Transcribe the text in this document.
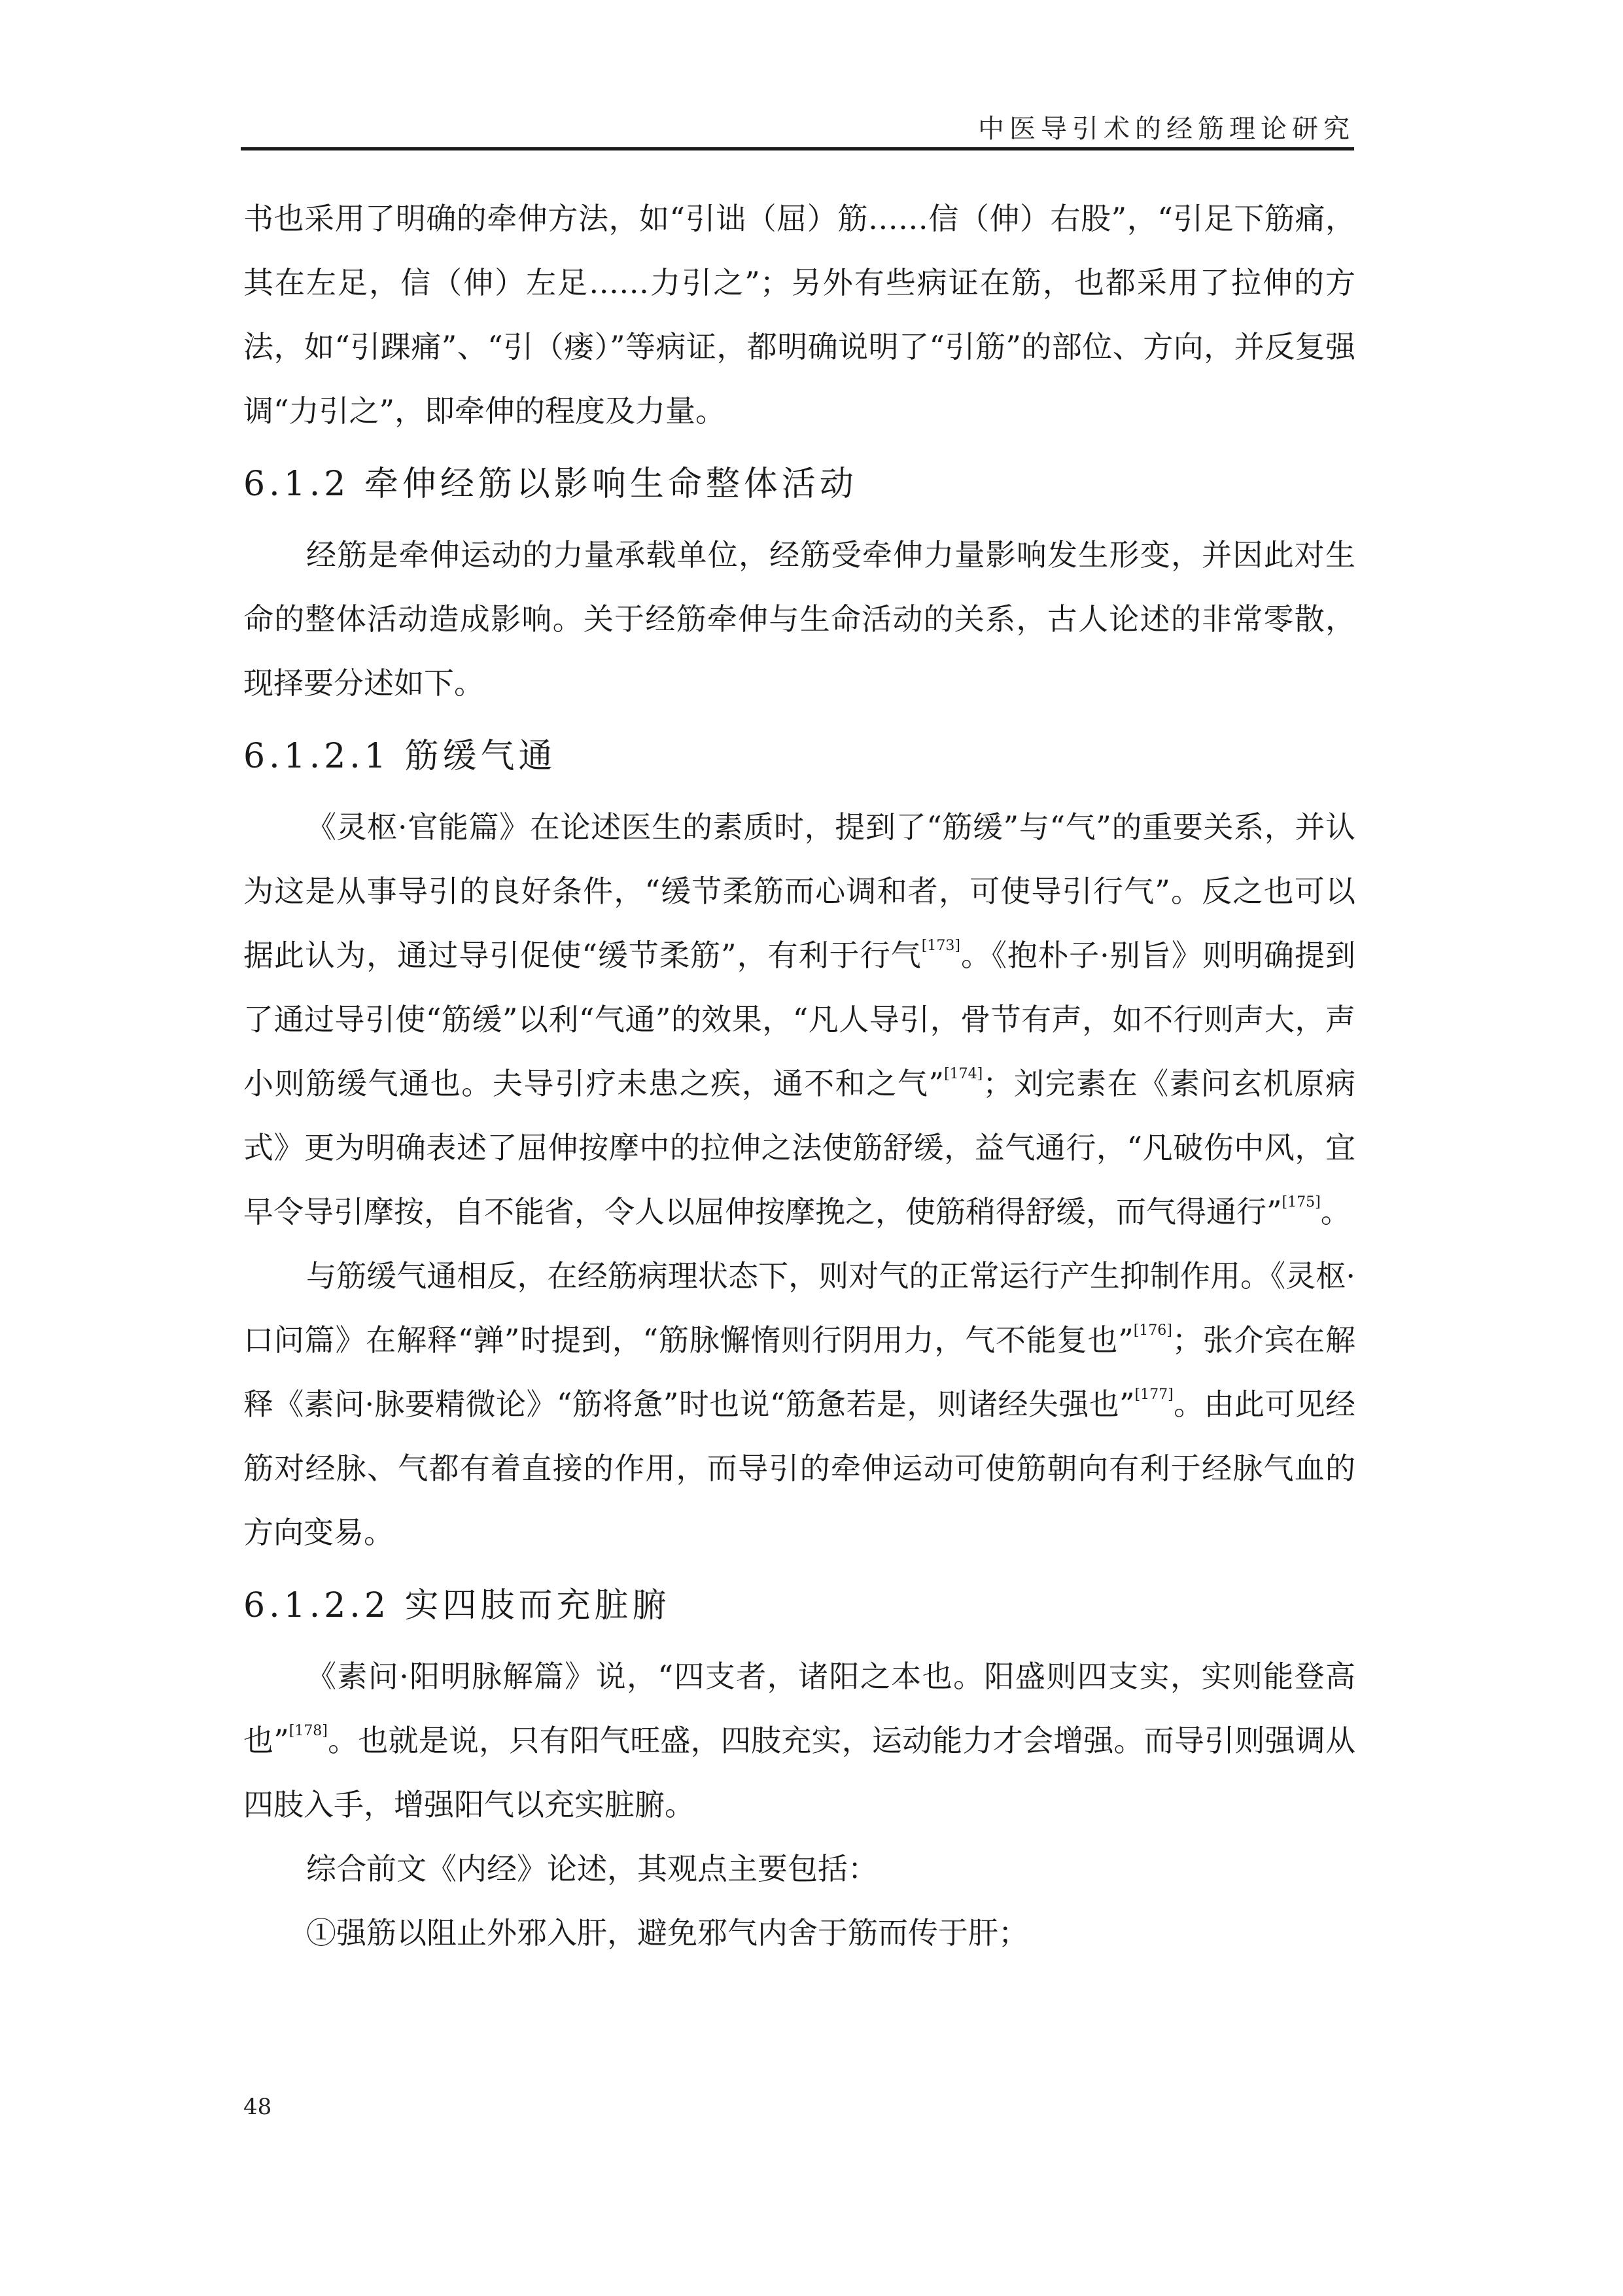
中医导引术的经筋理论研究

书也采用了明确的牵伸方法，如“引诎（屈）筋……信（伸）右股”，“引足下筋痛，其在左足，信（伸）左足……力引之”；另外有些病证在筋，也都采用了拉伸的方法，如“引踝痛”、“引（瘘）”等病证，都明确说明了“引筋”的部位、方向，并反复强调“力引之”，即牵伸的程度及力量。

6.1.2 牵伸经筋以影响生命整体活动

经筋是牵伸运动的力量承载单位，经筋受牵伸力量影响发生形变，并因此对生命的整体活动造成影响。关于经筋牵伸与生命活动的关系，古人论述的非常零散，现择要分述如下。

6.1.2.1 筋缓气通

《灵枢·官能篇》在论述医生的素质时，提到了“筋缓”与“气”的重要关系，并认为这是从事导引的良好条件，“缓节柔筋而心调和者，可使导引行气”。反之也可以据此认为，通过导引促使“缓节柔筋”，有利于行气[173]。《抱朴子·别旨》则明确提到了通过导引使“筋缓”以利“气通”的效果，“凡人导引，骨节有声，如不行则声大，声小则筋缓气通也。夫导引疗未患之疾，通不和之气”[174]；刘完素在《素问玄机原病式》更为明确表述了屈伸按摩中的拉伸之法使筋舒缓，益气通行，“凡破伤中风，宜早令导引摩按，自不能省，令人以屈伸按摩挽之，使筋稍得舒缓，而气得通行”[175]。

与筋缓气通相反，在经筋病理状态下，则对气的正常运行产生抑制作用。《灵枢·口问篇》在解释“亸”时提到，“筋脉懈惰则行阴用力，气不能复也”[176]；张介宾在解释《素问·脉要精微论》“筋将惫”时也说“筋惫若是，则诸经失强也”[177]。由此可见经筋对经脉、气都有着直接的作用，而导引的牵伸运动可使筋朝向有利于经脉气血的方向变易。

6.1.2.2 实四肢而充脏腑

《素问·阳明脉解篇》说，“四支者，诸阳之本也。阳盛则四支实，实则能登高也”[178]。也就是说，只有阳气旺盛，四肢充实，运动能力才会增强。而导引则强调从四肢入手，增强阳气以充实脏腑。

综合前文《内经》论述，其观点主要包括：

①强筋以阻止外邪入肝，避免邪气内舍于筋而传于肝；

48
